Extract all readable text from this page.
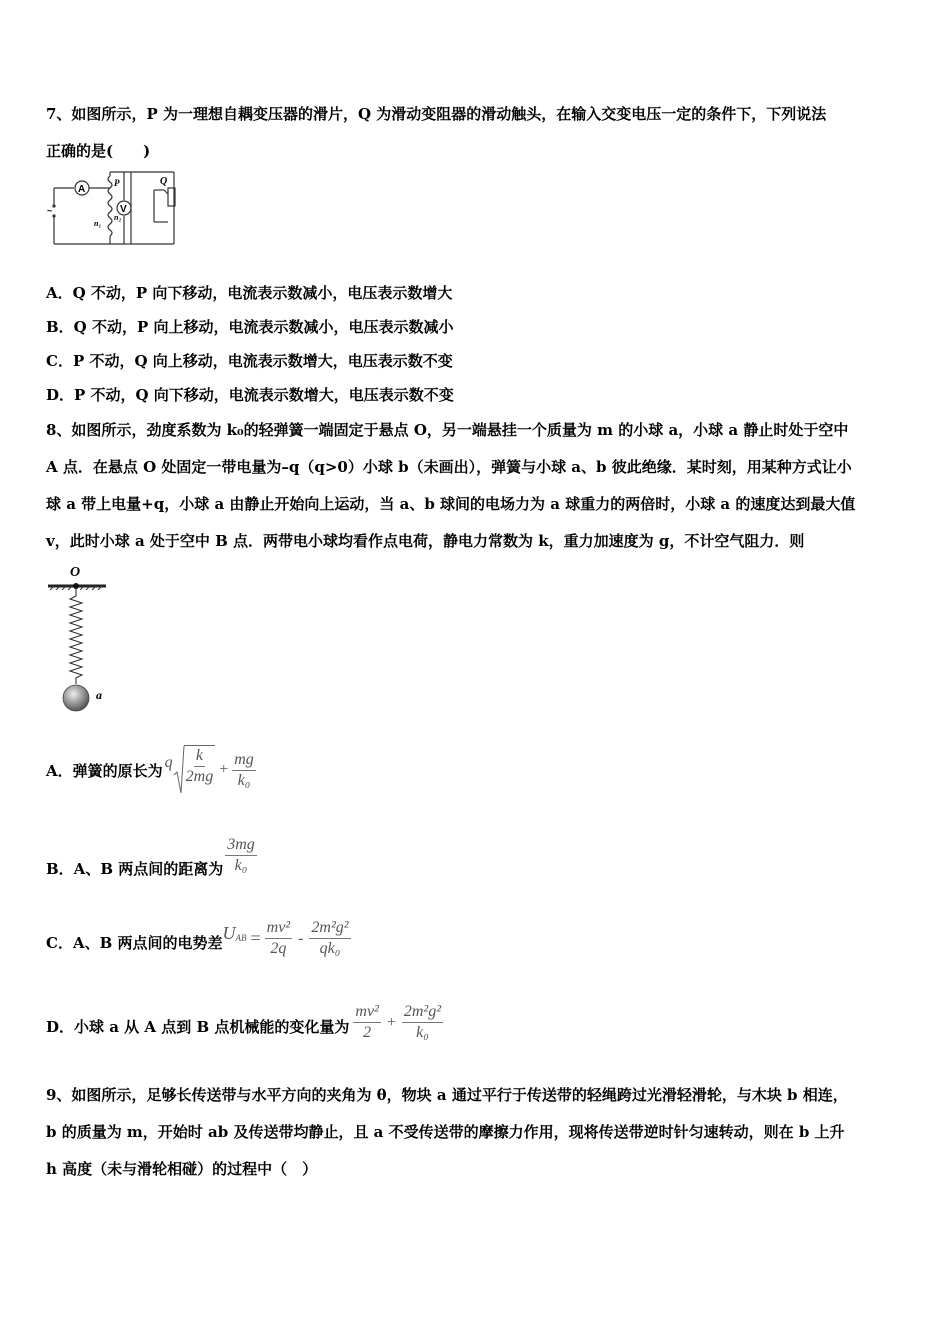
7、如图所示，P 为一理想自耦变压器的滑片，Q 为滑动变阻器的滑动触头，在输入交变电压一定的条件下，下列说法
正确的是(　　)
A
V
P	Q
n₁
n₂
~
A．Q 不动，P 向下移动，电流表示数减小，电压表示数增大
B．Q 不动，P 向上移动，电流表示数减小，电压表示数减小
C．P 不动，Q 向上移动，电流表示数增大，电压表示数不变
D．P 不动，Q 向下移动，电流表示数增大，电压表示数不变
8、如图所示，劲度系数为 k₀的轻弹簧一端固定于悬点 O，另一端悬挂一个质量为 m 的小球 a，小球 a 静止时处于空中
A 点．在悬点 O 处固定一带电量为–q（q>0）小球 b（未画出），弹簧与小球 a、b 彼此绝缘．某时刻，用某种方式让小
球 a 带上电量+q，小球 a 由静止开始向上运动，当 a、b 球间的电场力为 a 球重力的两倍时，小球 a 的速度达到最大值
v，此时小球 a 处于空中 B 点．两带电小球均看作点电荷，静电力常数为 k，重力加速度为 g，不计空气阻力．则
O
a
A．弹簧的原长为 q $\frac{k}{2mg} + \frac{mg}{\text{k₀}}$
B．A、B 两点间的距离为 $\frac{3mg}{\text{k₀}}$
C．A、B 两点间的电势差 $U_{AB} = \frac{\text{mv²}}{2q} - \frac{\text{2m²g²}}{\text{qk₀}}$
D．小球 a 从 A 点到 B 点机械能的变化量为 $\frac{\text{mv²}}{2} + \frac{\text{2m²g²}}{\text{k₀}}$
9、如图所示，足够长传送带与水平方向的夹角为 θ，物块 a 通过平行于传送带的轻绳跨过光滑轻滑轮，与木块 b 相连，
b 的质量为 m，开始时 ab 及传送带均静止，且 a 不受传送带的摩擦力作用，现将传送带逆时针匀速转动，则在 b 上升
h 高度（未与滑轮相碰）的过程中（　）
